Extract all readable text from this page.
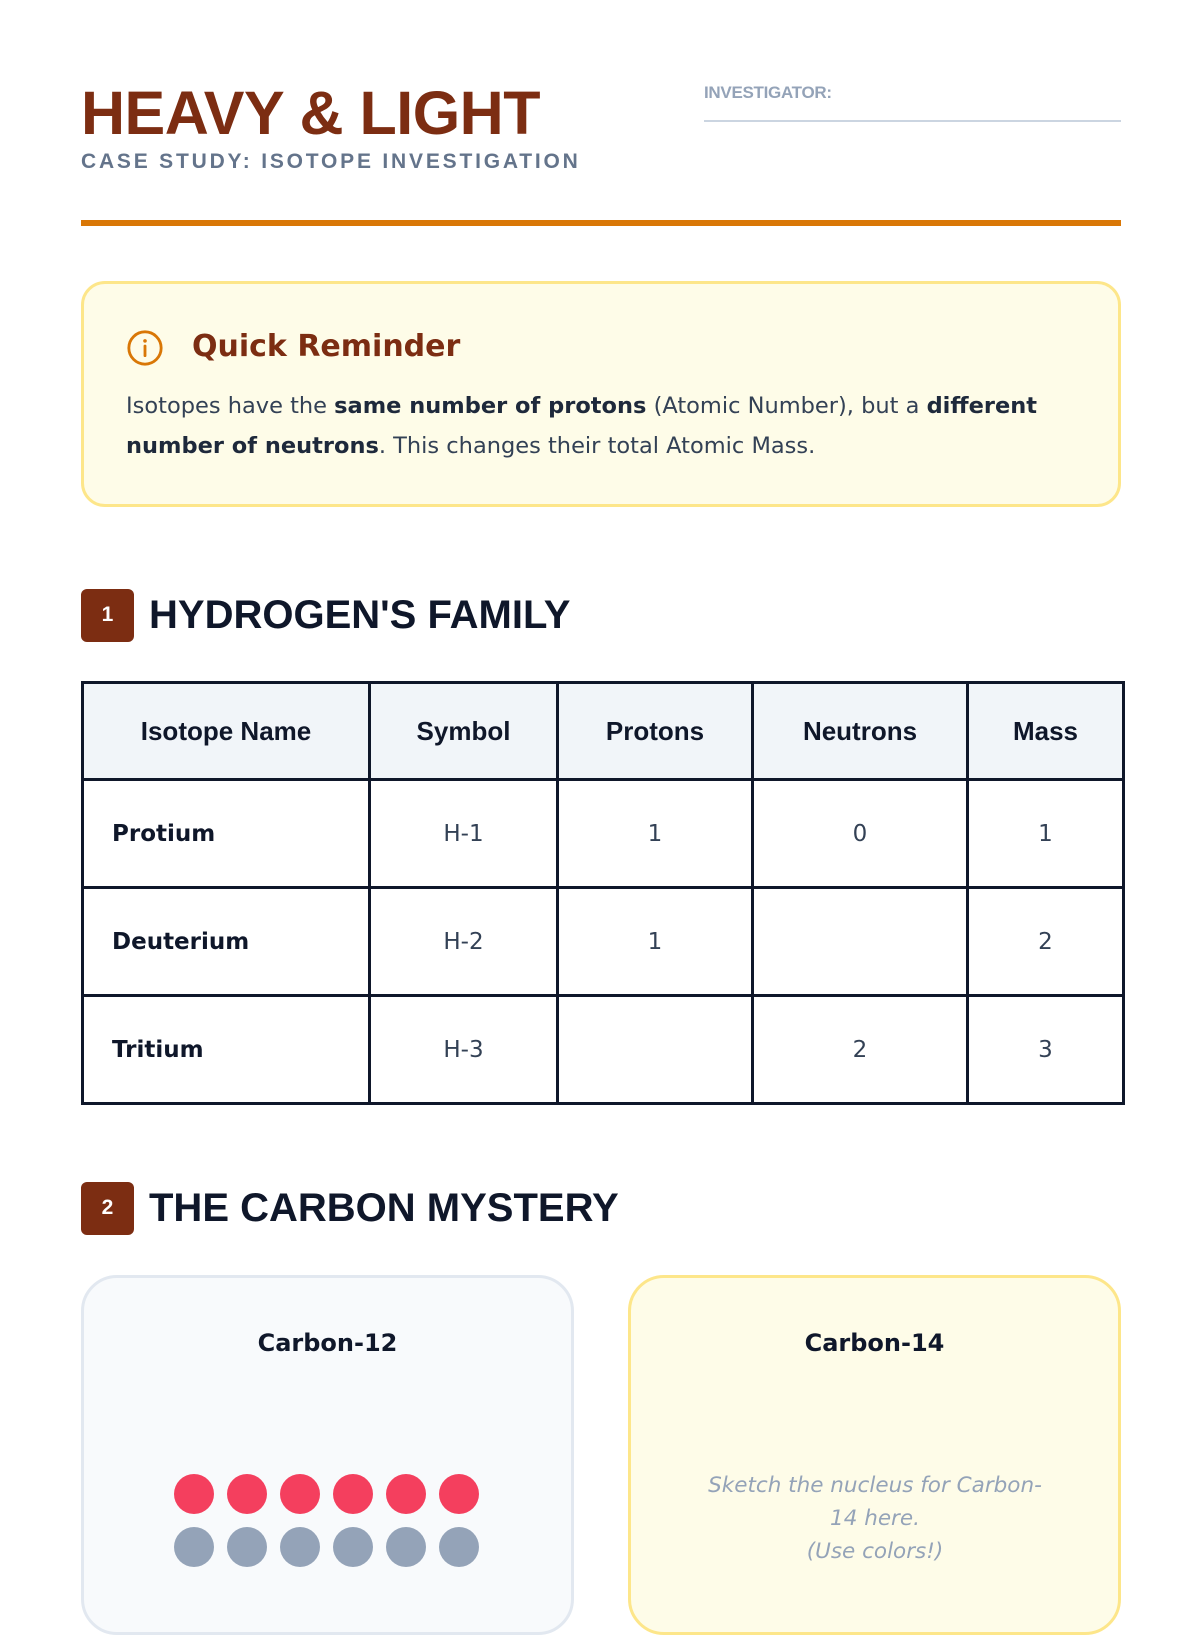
HEAVY & LIGHT
CASE STUDY: ISOTOPE INVESTIGATION
INVESTIGATOR:
Quick Reminder
Isotopes have the same number of protons (Atomic Number), but a different number of neutrons. This changes their total Atomic Mass.
1 HYDROGEN'S FAMILY
Isotope Name	Symbol	Protons	Neutrons	Mass
Protium	H-1	1	0	1
Deuterium	H-2	1		2
Tritium	H-3		2	3
2 THE CARBON MYSTERY
Carbon-12	Carbon-14
Sketch the nucleus for Carbon-
14 here.
(Use colors!)
